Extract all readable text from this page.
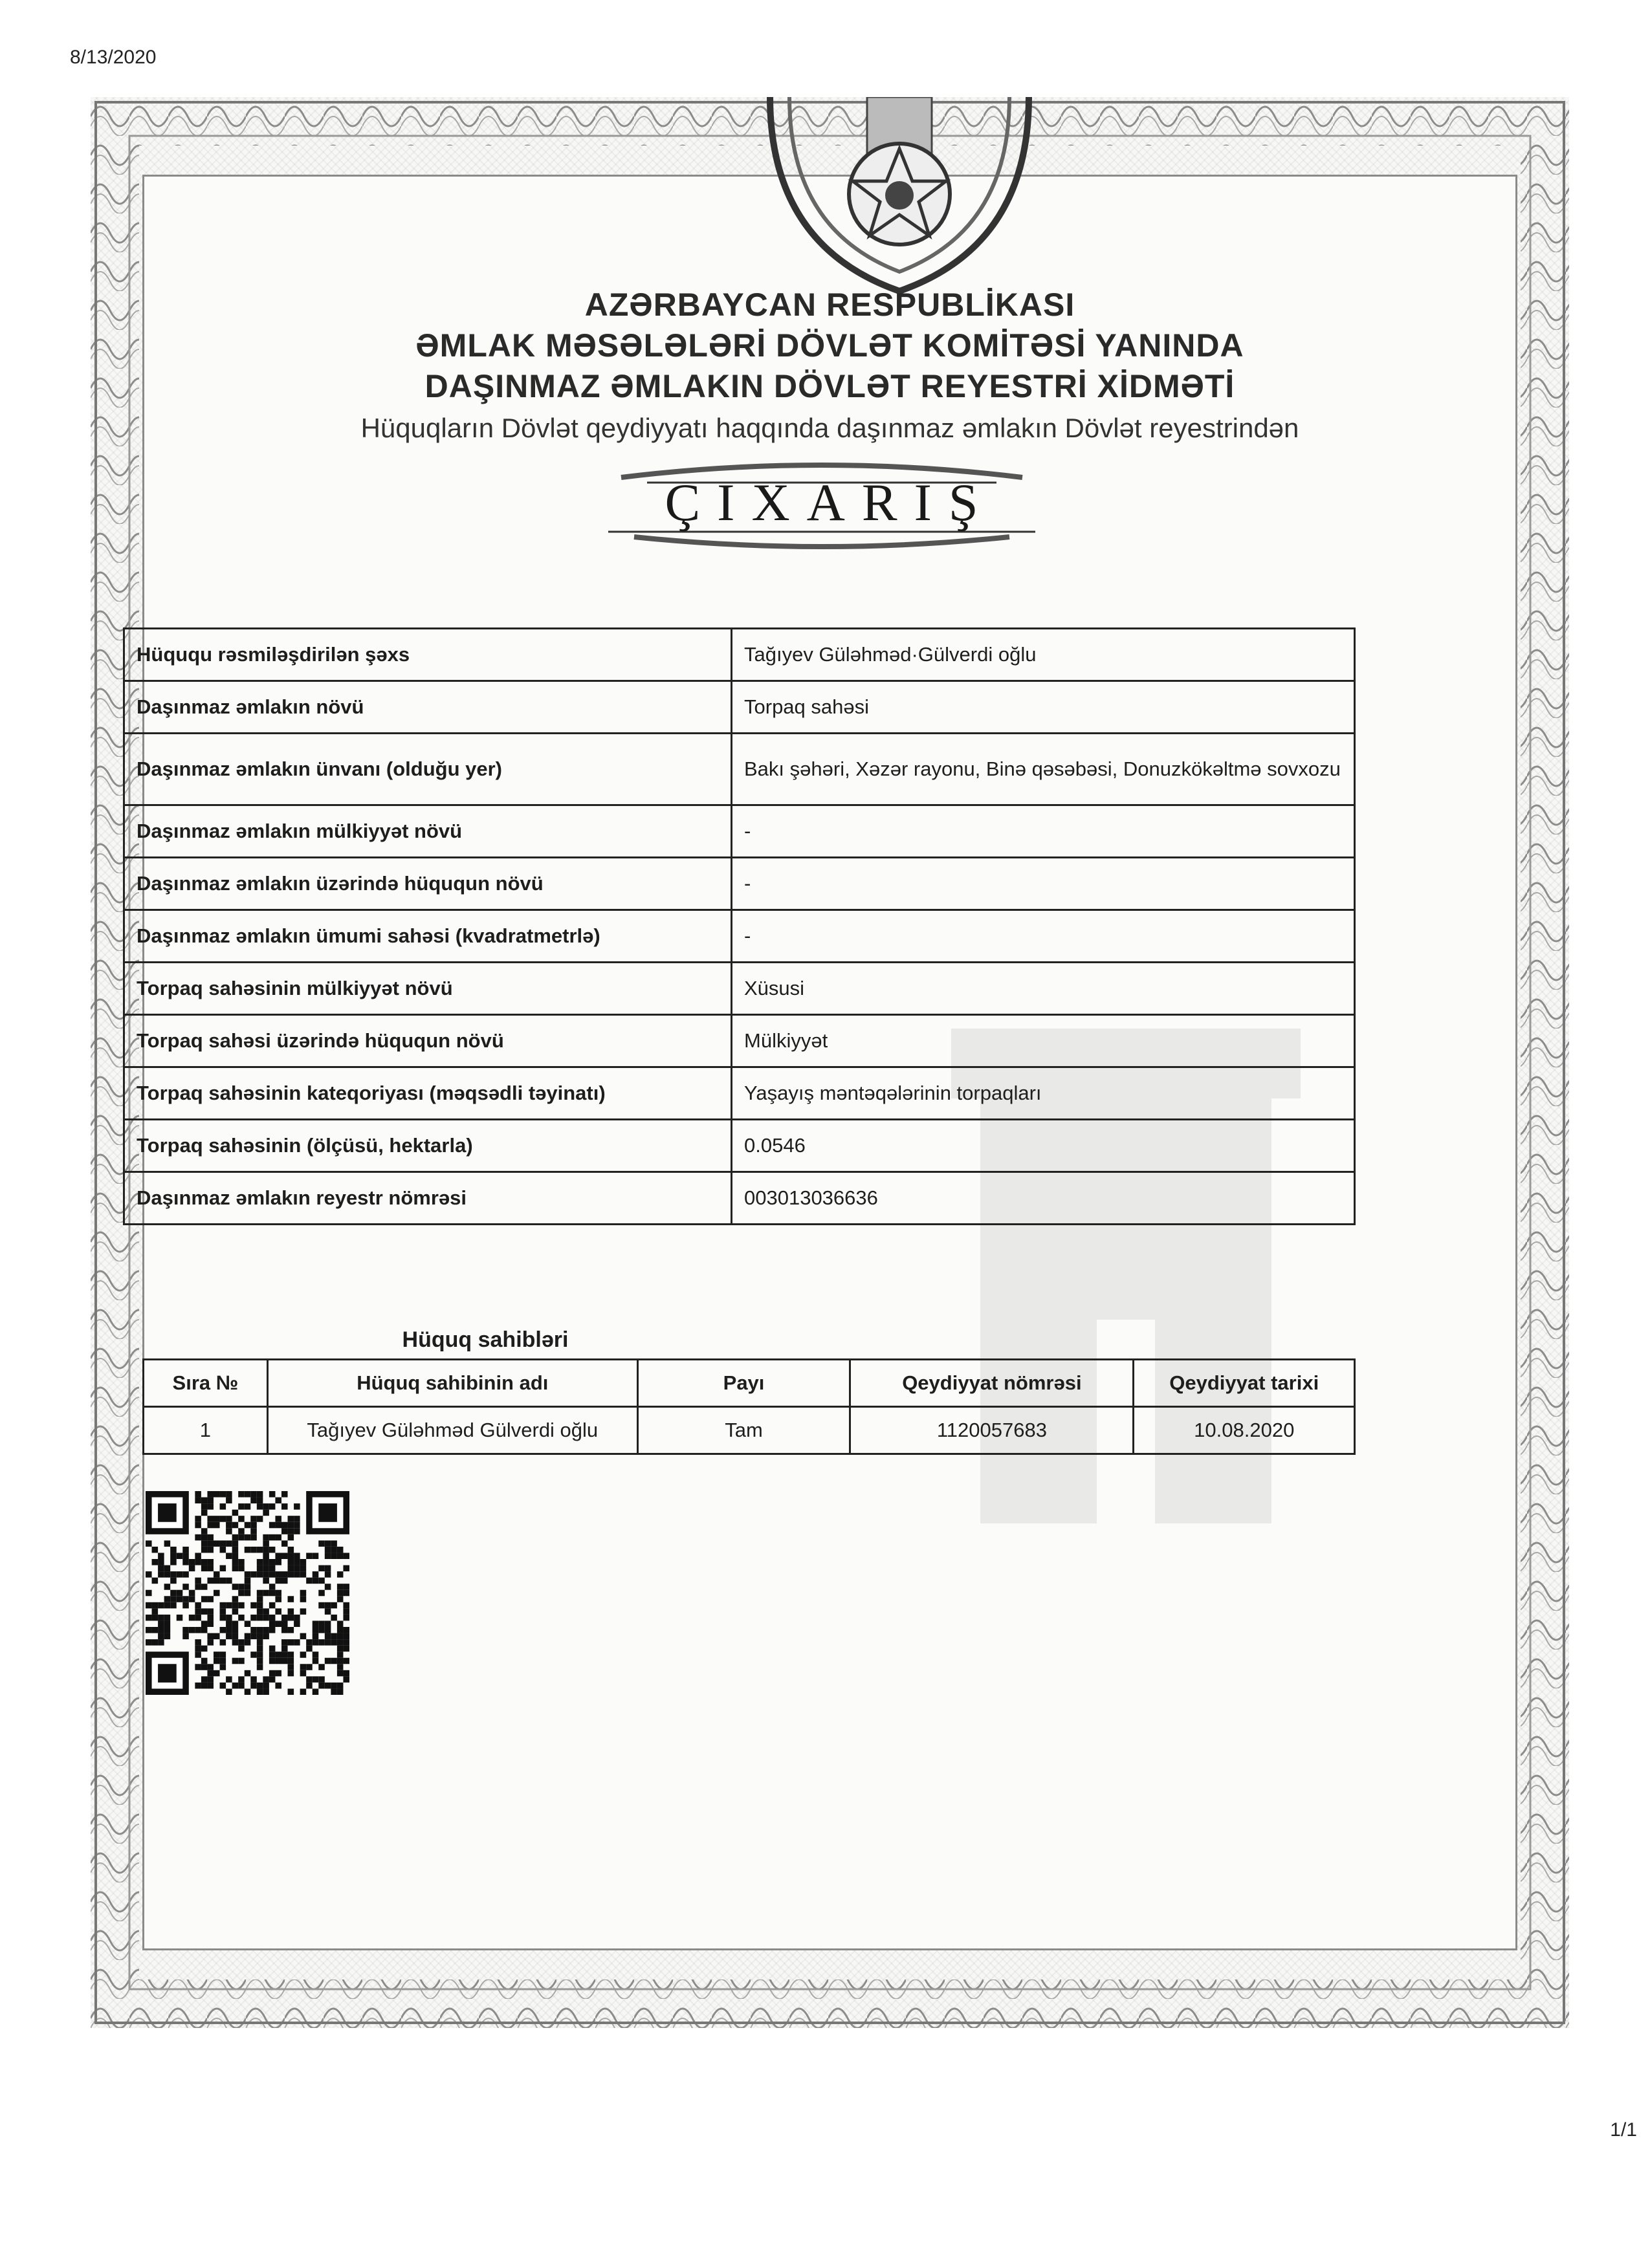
8/13/2020
AZƏRBAYCAN RESPUBLİKASI
ƏMLAK MƏSƏLƏLƏRİ DÖVLƏT KOMİTƏSİ YANINDA
DAŞINMAZ ƏMLAKIN DÖVLƏT REYESTRİ XİDMƏTİ
Hüquqların Dövlət qeydiyyatı haqqında daşınmaz əmlakın Dövlət reyestrindən
ÇIXARIŞ
Hüququ rəsmiləşdirilən şəxs	Tağıyev Güləhməd·Gülverdi oğlu
Daşınmaz əmlakın növü	Torpaq sahəsi
Daşınmaz əmlakın ünvanı (olduğu yer)	Bakı şəhəri, Xəzər rayonu, Binə qəsəbəsi, Donuzkökəltmə sovxozu
Daşınmaz əmlakın mülkiyyət növü	-
Daşınmaz əmlakın üzərində hüququn növü	-
Daşınmaz əmlakın ümumi sahəsi (kvadratmetrlə)	-
Torpaq sahəsinin mülkiyyət növü	Xüsusi
Torpaq sahəsi üzərində hüququn növü	Mülkiyyət
Torpaq sahəsinin kateqoriyası (məqsədli təyinatı)	Yaşayış məntəqələrinin torpaqları
Torpaq sahəsinin (ölçüsü, hektarla)	0.0546
Daşınmaz əmlakın reyestr nömrəsi	003013036636
Hüquq sahibləri
Sıra №	Hüquq sahibinin adı	Payı	Qeydiyyat nömrəsi	Qeydiyyat tarixi
1	Tağıyev Güləhməd Gülverdi oğlu	Tam	1120057683	10.08.2020
1/1
